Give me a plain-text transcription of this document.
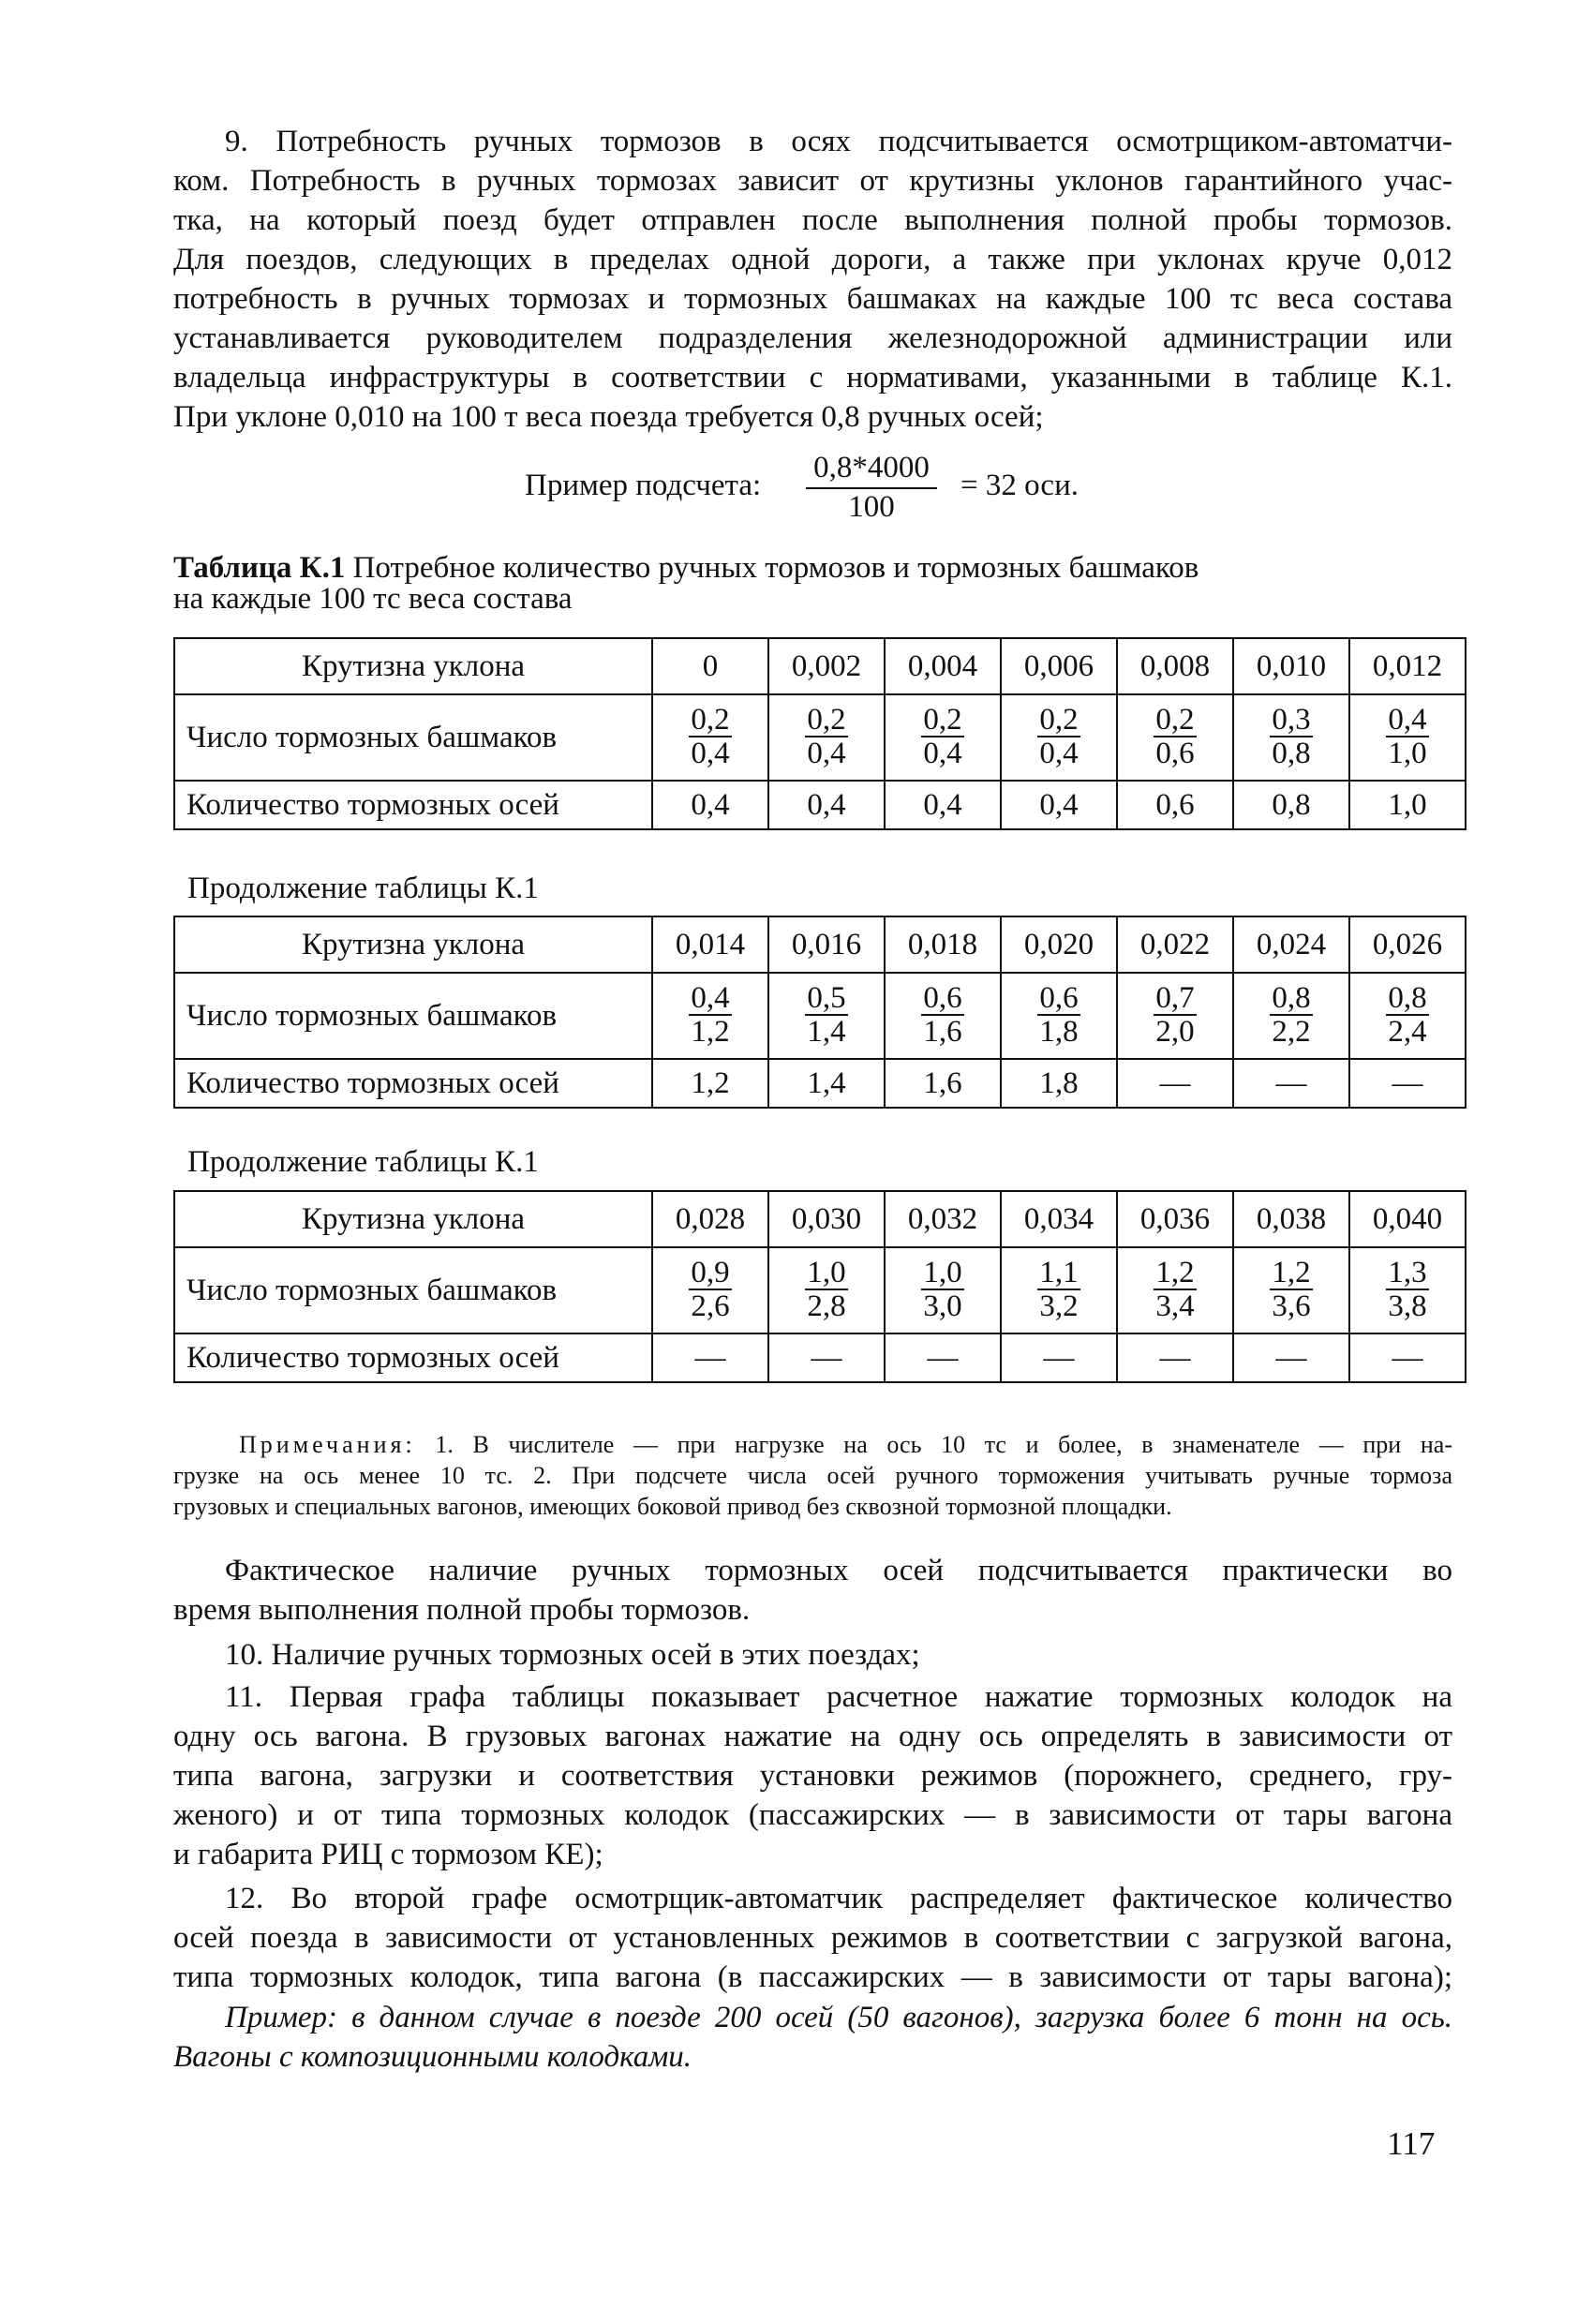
9. Потребность ручных тормозов в осях подсчитывается осмотрщиком-автоматчи-
ком. Потребность в ручных тормозах зависит от крутизны уклонов гарантийного учас-
тка, на который поезд будет отправлен после выполнения полной пробы тормозов.
Для поездов, следующих в пределах одной дороги, а также при уклонах круче 0,012
потребность в ручных тормозах и тормозных башмаках на каждые 100 тс веса состава
устанавливается руководителем подразделения железнодорожной администрации или
владельца инфраструктуры в соответствии с нормативами, указанными в таблице К.1.
При уклоне 0,010 на 100 т веса поезда требуется 0,8 ручных осей;
Пример подсчета: $\frac{0,8*4000}{100} = 32$ оси.
Таблица К.1 Потребное количество ручных тормозов и тормозных башмаков
на каждые 100 тс веса состава
Крутизна уклона	0	0,002	0,004	0,006	0,008	0,010	0,012
Число тормозных башмаков	$\frac{0,2}{0,4}$	$\frac{0,2}{0,4}$	$\frac{0,2}{0,4}$	$\frac{0,2}{0,4}$	$\frac{0,2}{0,6}$	$\frac{0,3}{0,8}$	$\frac{0,4}{1,0}$

Количество тормозных осей	0,4	0,4	0,4	0,4	0,6	0,8	1,0
Продолжение таблицы К.1
Крутизна уклона	0,014	0,016	0,018	0,020	0,022	0,024	0,026
Число тормозных башмаков	$\frac{0,4}{1,2}$	$\frac{0,5}{1,4}$	$\frac{0,6}{1,6}$	$\frac{0,6}{1,8}$	$\frac{0,7}{2,0}$	$\frac{0,8}{2,2}$	$\frac{0,8}{2,4}$

Количество тормозных осей	1,2	1,4	1,6	1,8	—	—	—
Продолжение таблицы К.1
Крутизна уклона	0,028	0,030	0,032	0,034	0,036	0,038	0,040
Число тормозных башмаков	$\frac{0,9}{2,6}$	$\frac{1,0}{2,8}$	$\frac{1,0}{3,0}$	$\frac{1,1}{3,2}$	$\frac{1,2}{3,4}$	$\frac{1,2}{3,6}$	$\frac{1,3}{3,8}$

Количество тормозных осей	—	—	—	—	—	—	—
Примечания: 1. В числителе — при нагрузке на ось 10 тс и более, в знаменателе — при на-
грузке на ось менее 10 тс. 2. При подсчете числа осей ручного торможения учитывать ручные тормоза
грузовых и специальных вагонов, имеющих боковой привод без сквозной тормозной площадки.
Фактическое наличие ручных тормозных осей подсчитывается практически во
время выполнения полной пробы тормозов.
10. Наличие ручных тормозных осей в этих поездах;
11. Первая графа таблицы показывает расчетное нажатие тормозных колодок на
одну ось вагона. В грузовых вагонах нажатие на одну ось определять в зависимости от
типа вагона, загрузки и соответствия установки режимов (порожнего, среднего, гру-
женого) и от типа тормозных колодок (пассажирских — в зависимости от тары вагона
и габарита РИЦ с тормозом КЕ);
12. Во второй графе осмотрщик-автоматчик распределяет фактическое количество
осей поезда в зависимости от установленных режимов в соответствии с загрузкой вагона,
типа тормозных колодок, типа вагона (в пассажирских — в зависимости от тары вагона);
Пример: в данном случае в поезде 200 осей (50 вагонов), загрузка более 6 тонн на ось.
Вагоны с композиционными колодками.
117
